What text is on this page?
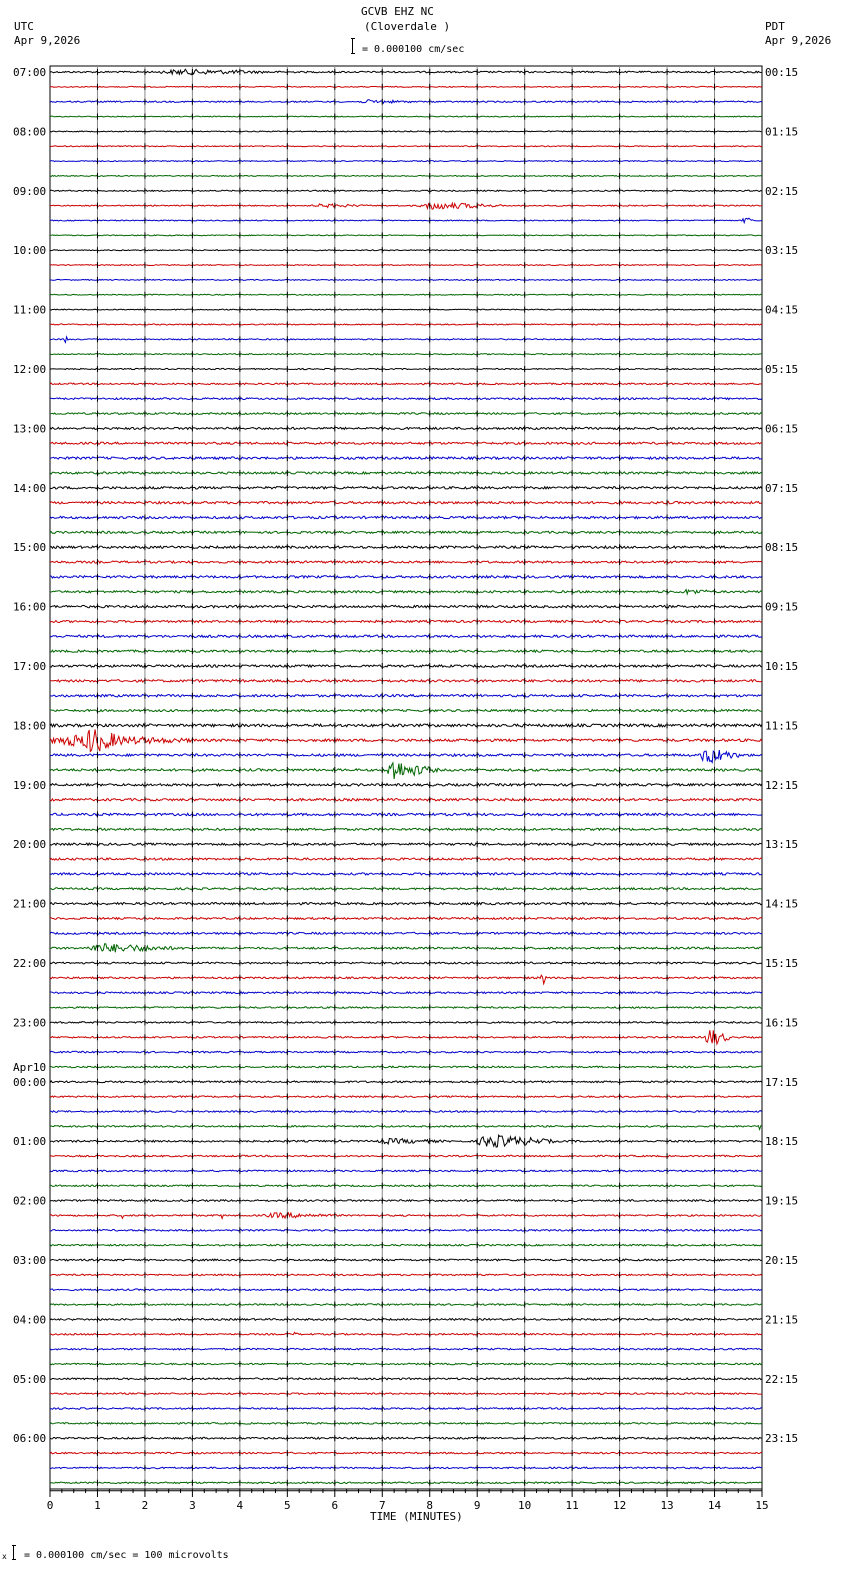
GCVB EHZ NC
(Cloverdale )
= 0.000100 cm/sec
UTC
Apr 9,2026
PDT
Apr 9,2026
07:00
08:00
09:00
10:00
11:00
12:00
13:00
14:00
15:00
16:00
17:00
18:00
19:00
20:00
21:00
22:00
23:00
00:00
01:00
02:00
03:00
04:00
05:00
06:00
00:15
01:15
02:15
03:15
04:15
05:15
06:15
07:15
08:15
09:15
10:15
11:15
12:15
13:15
14:15
15:15
16:15
17:15
18:15
19:15
20:15
21:15
22:15
23:15
Apr10
0	1	2	3	4	5	6	7	8	9	10	11	12	13	14	15
TIME (MINUTES)
x = 0.000100 cm/sec = 100 microvolts
